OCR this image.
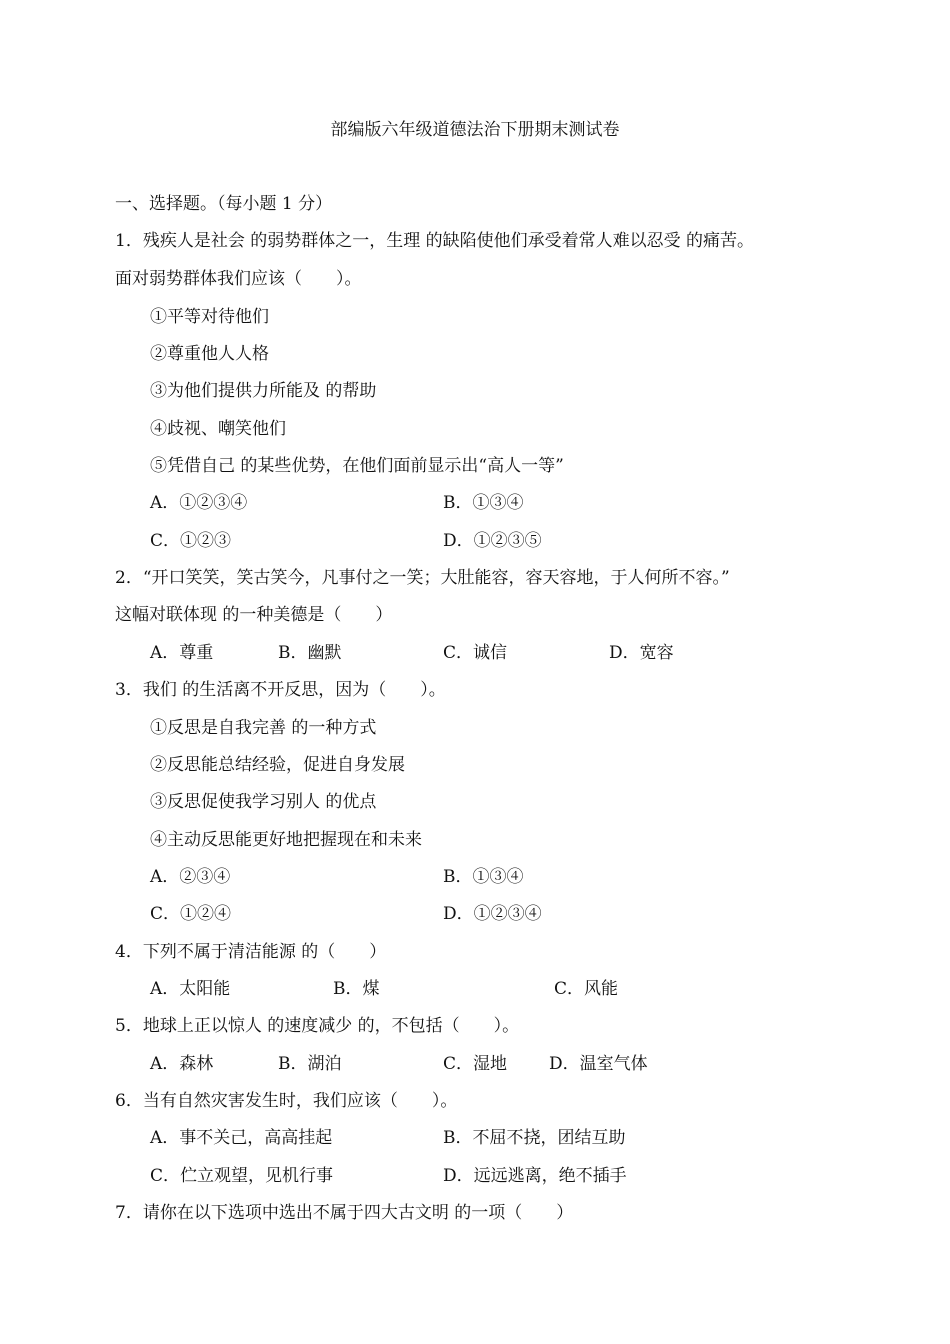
部编版六年级道德法治下册期末测试卷
一、选择题。（每小题 1 分）
1．残疾人是社会 的弱势群体之一，生理 的缺陷使他们承受着常人难以忍受 的痛苦。
面对弱势群体我们应该（　　）。
①平等对待他们
②尊重他人人格
③为他们提供力所能及 的帮助
④歧视、嘲笑他们
⑤凭借自己 的某些优势，在他们面前显示出“高人一等”
A．①②③④	B．①③④
C．①②③	D．①②③⑤
2．“开口笑笑，笑古笑今，凡事付之一笑；大肚能容，容天容地，于人何所不容。”
这幅对联体现 的一种美德是（　　）
A．尊重	B．幽默	C．诚信	D．宽容
3．我们 的生活离不开反思，因为（　　）。
①反思是自我完善 的一种方式
②反思能总结经验，促进自身发展
③反思促使我学习别人 的优点
④主动反思能更好地把握现在和未来
A．②③④	B．①③④
C．①②④	D．①②③④
4．下列不属于清洁能源 的（　　）
A．太阳能	B．煤	C．风能
5．地球上正以惊人 的速度减少 的，不包括（　　）。
A．森林	B．湖泊	C．湿地 D．温室气体
6．当有自然灾害发生时，我们应该（　　）。
A．事不关己，高高挂起	B．不屈不挠，团结互助
C．伫立观望，见机行事	D．远远逃离，绝不插手
7．请你在以下选项中选出不属于四大古文明 的一项（　　）
